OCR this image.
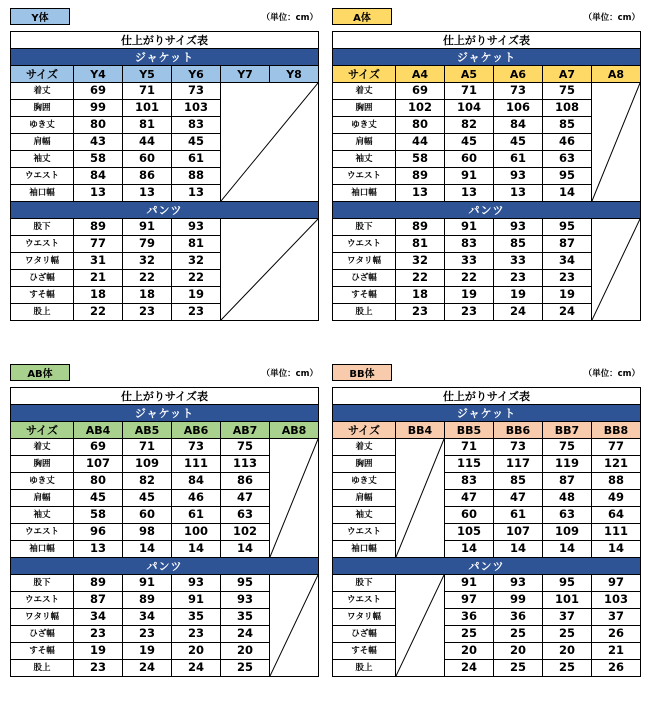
Y体	（単位：cm）
仕上がりサイズ表					
ジャケット					
サイズ	Y4	Y5	Y6	Y7	Y8
着丈	69	71	73	

胸囲	99	101	103		
ゆき丈	80	81	83		
肩幅	43	44	45		
袖丈	58	60	61		
ウエスト	84	86	88		
袖口幅	13	13	13		
パンツ					
股下	89	91	93	

ウエスト	77	79	81		
ワタリ幅	31	32	32		
ひざ幅	21	22	22		
すそ幅	18	18	19		
股上	22	23	23		
A体	（単位：cm）
仕上がりサイズ表					
ジャケット					
サイズ	A4	A5	A6	A7	A8
着丈	69	71	73	75	

胸囲	102	104	106	108	
ゆき丈	80	82	84	85	
肩幅	44	45	45	46	
袖丈	58	60	61	63	
ウエスト	89	91	93	95	
袖口幅	13	13	13	14	
パンツ					
股下	89	91	93	95	

ウエスト	81	83	85	87	
ワタリ幅	32	33	33	34	
ひざ幅	22	22	23	23	
すそ幅	18	19	19	19	
股上	23	23	24	24	
AB体	（単位：cm）
仕上がりサイズ表					
ジャケット					
サイズ	AB4	AB5	AB6	AB7	AB8
着丈	69	71	73	75	

胸囲	107	109	111	113	
ゆき丈	80	82	84	86	
肩幅	45	45	46	47	
袖丈	58	60	61	63	
ウエスト	96	98	100	102	
袖口幅	13	14	14	14	
パンツ					
股下	89	91	93	95	

ウエスト	87	89	91	93	
ワタリ幅	34	34	35	35	
ひざ幅	23	23	23	24	
すそ幅	19	19	20	20	
股上	23	24	24	25	
BB体	（単位：cm）
仕上がりサイズ表					
ジャケット					
サイズ	BB4	BB5	BB6	BB7	BB8
着丈		71	73	75	77
胸囲		115	117	119	121
ゆき丈		83	85	87	88
肩幅		47	47	48	49
袖丈		60	61	63	64
ウエスト		105	107	109	111
袖口幅		14	14	14	14
パンツ					
股下		91	93	95	97
ウエスト		97	99	101	103
ワタリ幅		36	36	37	37
ひざ幅		25	25	25	26
すそ幅		20	20	20	21
股上		24	25	25	26
